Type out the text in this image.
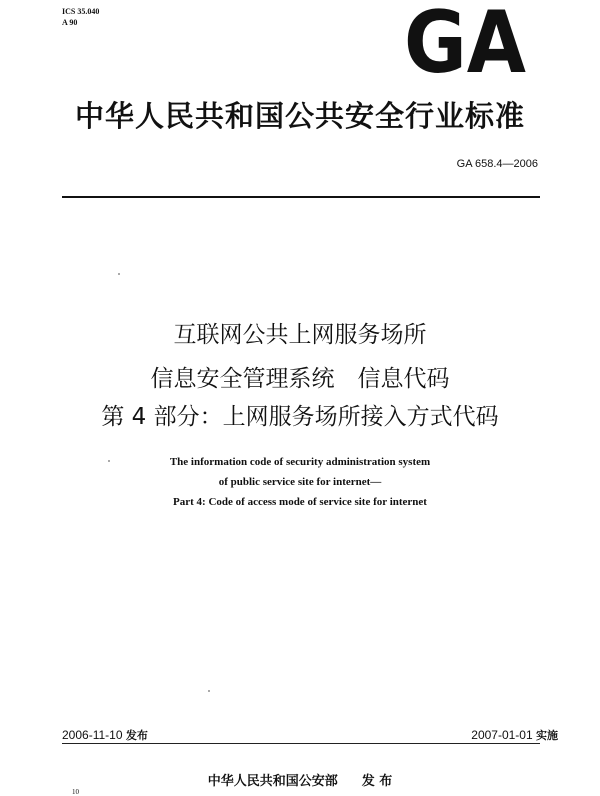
ICS 35.040
A 90	GA
中华人民共和国公共安全行业标准
GA 658.4—2006
互联网公共上网服务场所
信息安全管理系统　信息代码
第 4 部分：上网服务场所接入方式代码
The information code of security administration system
of public service site for internet—
Part 4: Code of access mode of service site for internet
2006-11-10 发布	2007-01-01 实施
中华人民共和国公安部 发 布
10
